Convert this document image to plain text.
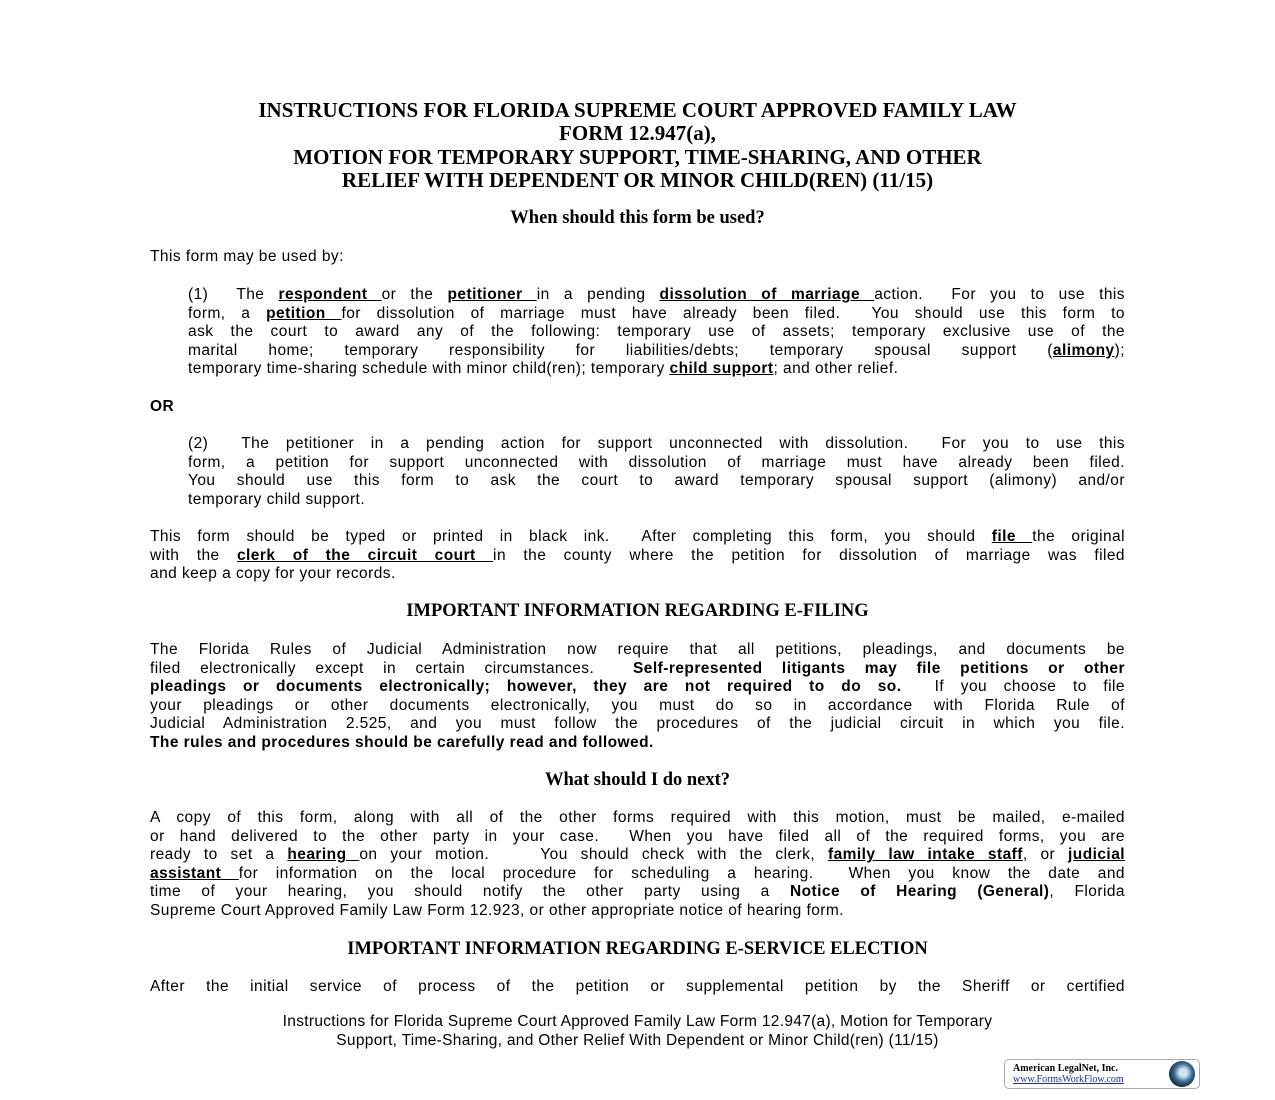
INSTRUCTIONS FOR FLORIDA SUPREME COURT APPROVED FAMILY LAW
FORM 12.947(a),
MOTION FOR TEMPORARY SUPPORT, TIME-SHARING, AND OTHER
RELIEF WITH DEPENDENT OR MINOR CHILD(REN) (11/15)
When should this form be used?
This form may be used by:
(1)  The respondent or the petitioner in a pending dissolution of marriage action.  For you to use this
form, a petition for dissolution of marriage must have already been filed.  You should use this form to
ask the court to award any of the following: temporary use of assets; temporary exclusive use of the
marital home; temporary responsibility for liabilities/debts; temporary spousal support (alimony);
temporary time-sharing schedule with minor child(ren); temporary child support; and other relief.
OR
(2)  The petitioner in a pending action for support unconnected with dissolution.  For you to use this
form, a petition for support unconnected with dissolution of marriage must have already been filed.
You should use this form to ask the court to award temporary spousal support (alimony) and/or
temporary child support.
This form should be typed or printed in black ink.  After completing this form, you should file the original
with the clerk of the circuit court in the county where the petition for dissolution of marriage was filed
and keep a copy for your records.
IMPORTANT INFORMATION REGARDING E-FILING
The Florida Rules of Judicial Administration now require that all petitions, pleadings, and documents be
filed electronically except in certain circumstances.  Self-represented litigants may file petitions or other
pleadings or documents electronically; however, they are not required to do so.  If you choose to file
your pleadings or other documents electronically, you must do so in accordance with Florida Rule of
Judicial Administration 2.525, and you must follow the procedures of the judicial circuit in which you file.
The rules and procedures should be carefully read and followed.
What should I do next?
A copy of this form, along with all of the other forms required with this motion, must be mailed, e-mailed
or hand delivered to the other party in your case.  When you have filed all of the required forms, you are
ready to set a hearing on your motion.    You should check with the clerk, family law intake staff, or judicial
assistant for information on the local procedure for scheduling a hearing.  When you know the date and
time of your hearing, you should notify the other party using a Notice of Hearing (General), Florida
Supreme Court Approved Family Law Form 12.923, or other appropriate notice of hearing form.
IMPORTANT INFORMATION REGARDING E-SERVICE ELECTION
After the initial service of process of the petition or supplemental petition by the Sheriff or certified
Instructions for Florida Supreme Court Approved Family Law Form 12.947(a), Motion for Temporary
Support, Time-Sharing, and Other Relief With Dependent or Minor Child(ren) (11/15)
American LegalNet, Inc.
www.FormsWorkFlow.com
